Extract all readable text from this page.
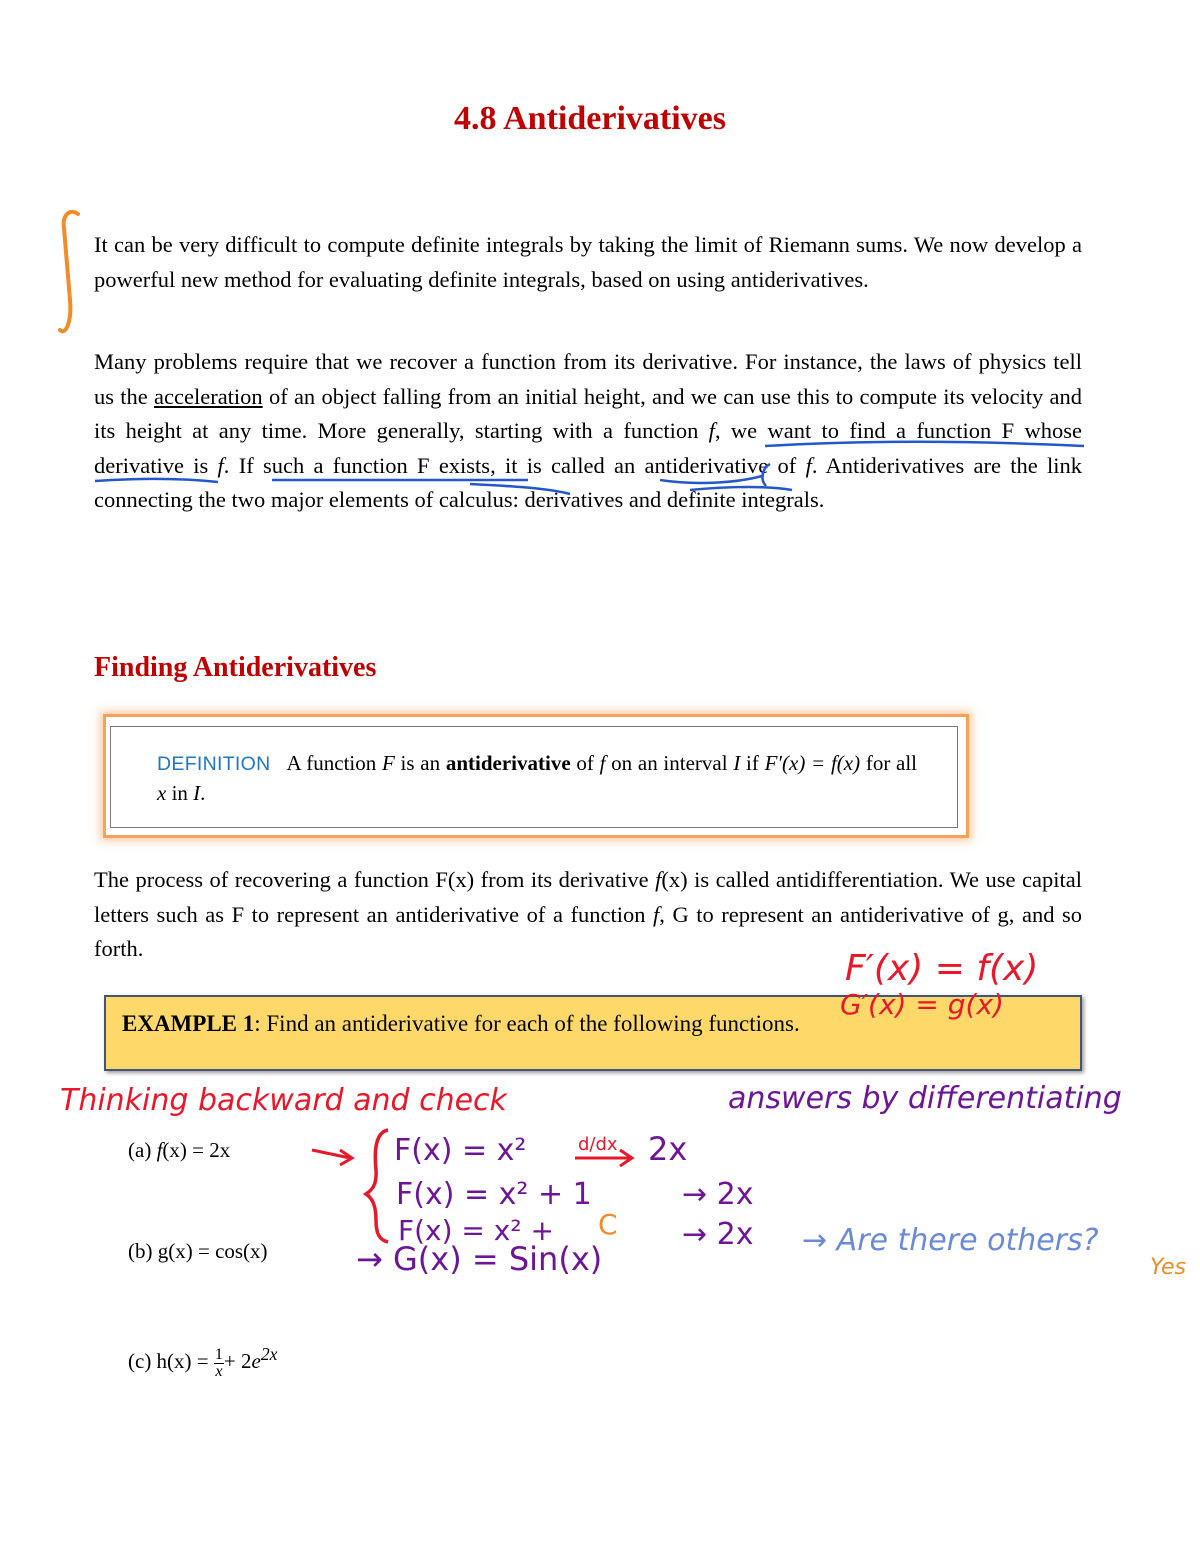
4.8 Antiderivatives
It can be very difficult to compute definite integrals by taking the limit of Riemann sums. We now develop a powerful new method for evaluating definite integrals, based on using antiderivatives.
Many problems require that we recover a function from its derivative. For instance, the laws of physics tell us the acceleration of an object falling from an initial height, and we can use this to compute its velocity and its height at any time. More generally, starting with a function f, we want to find a function F whose derivative is f. If such a function F exists, it is called an antiderivative of f. Antiderivatives are the link connecting the two major elements of calculus: derivatives and definite integrals.
Finding Antiderivatives
DEFINITION A function F is an antiderivative of f on an interval I if F′(x) = f(x) for all x in I.
The process of recovering a function F(x) from its derivative f(x) is called antidifferentiation. We use capital letters such as F to represent an antiderivative of a function f, G to represent an antiderivative of g, and so forth.
EXAMPLE 1: Find an antiderivative for each of the following functions.
(a) f(x) = 2x
(b) g(x) = cos(x)
(c) $h(x) = \frac{1}{x} + 2e^{2x}$
F′(x) = f(x)
G′(x) = g(x)
Thinking backward and check	answers by differentiating
F(x) = x²	d/dx 2x
F(x) = x² + 1	→ 2x
F(x) = x² + C → 2x → Are there others?
Yes
→ G(x) = Sin(x)
